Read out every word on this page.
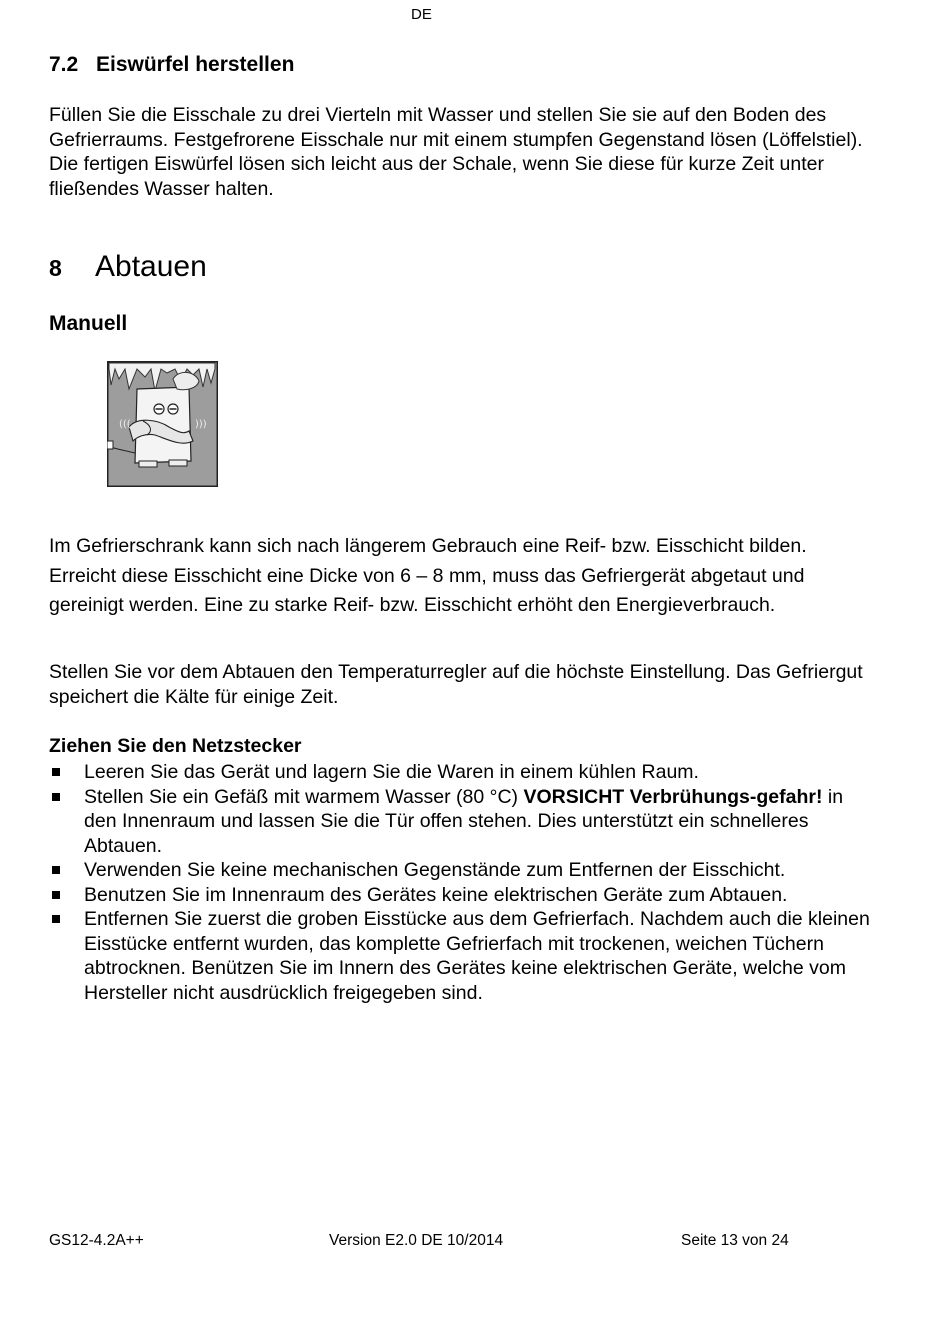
DE
7.2 Eiswürfel herstellen
Füllen Sie die Eisschale zu drei Vierteln mit Wasser und stellen Sie sie auf den Boden des Gefrierraums. Festgefrorene Eisschale nur mit einem stumpfen Gegenstand lösen (Löffelstiel). Die fertigen Eiswürfel lösen sich leicht aus der Schale, wenn Sie diese für kurze Zeit unter fließendes Wasser halten.
8 Abtauen
Manuell
(((	)))
Im Gefrierschrank kann sich nach längerem Gebrauch eine Reif- bzw. Eisschicht bilden. Erreicht diese Eisschicht eine Dicke von 6 – 8 mm, muss das Gefriergerät abgetaut und gereinigt werden. Eine zu starke Reif- bzw. Eisschicht erhöht den Energieverbrauch.
Stellen Sie vor dem Abtauen den Temperaturregler auf die höchste Einstellung. Das Gefriergut speichert die Kälte für einige Zeit.
Ziehen Sie den Netzstecker
Leeren Sie das Gerät und lagern Sie die Waren in einem kühlen Raum.
Stellen Sie ein Gefäß mit warmem Wasser (80 °C) VORSICHT Verbrühungs-gefahr! in den Innenraum und lassen Sie die Tür offen stehen. Dies unterstützt ein schnelleres Abtauen.
Verwenden Sie keine mechanischen Gegenstände zum Entfernen der Eisschicht.
Benutzen Sie im Innenraum des Gerätes keine elektrischen Geräte zum Abtauen.
Entfernen Sie zuerst die groben Eisstücke aus dem Gefrierfach. Nachdem auch die kleinen Eisstücke entfernt wurden, das komplette Gefrierfach mit trockenen, weichen Tüchern abtrocknen. Benützen Sie im Innern des Gerätes keine elektrischen Geräte, welche vom Hersteller nicht ausdrücklich freigegeben sind.
GS12-4.2A++	Version E2.0 DE 10/2014	Seite 13 von 24
